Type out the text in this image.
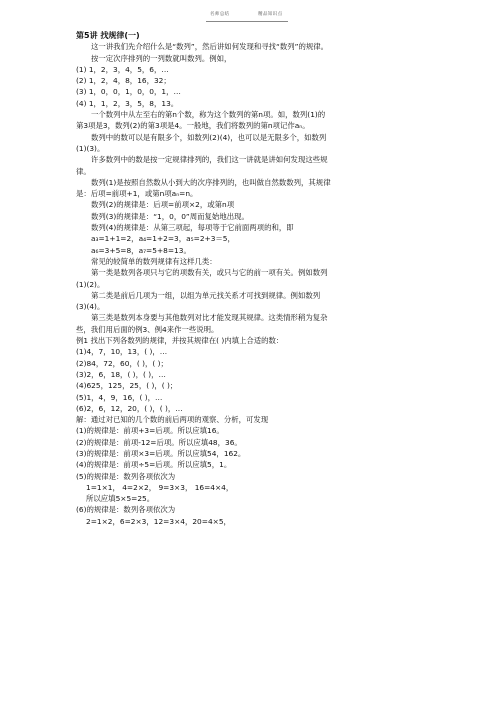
名师总结	精品知识点

第5讲 找规律(一)

这一讲我们先介绍什么是“数列”，然后讲如何发现和寻找“数列”的规律。

按一定次序排列的一列数就叫数列。例如，

(1) 1，2，3，4，5，6，…

(2) 1，2，4，8，16，32；

(3) 1，0，0，1，0，0，1，…

(4) 1，1，2，3，5，8，13。

一个数列中从左至右的第n个数，称为这个数列的第n项。如，数列(1)的

第3项是3，数列(2)的第3项是4。一般地，我们将数列的第n项记作aₙ。

数列中的数可以是有限多个，如数列(2)(4)，也可以是无限多个，如数列

(1)(3)。

许多数列中的数是按一定规律排列的，我们这一讲就是讲如何发现这些规

律。

数列(1)是按照自然数从小到大的次序排列的，也叫做自然数数列，其规律

是：后项=前项+1，或第n项aₙ=n。

数列(2)的规律是：后项=前项×2，或第n项

数列(3)的规律是：“1，0，0”周而复始地出现。

数列(4)的规律是：从第三项起，每项等于它前面两项的和，即

a₃=1+1=2，a₄=1+2=3，a₅=2+3＝5，

a₆=3+5=8，a₇=5+8=13。

常见的较简单的数列规律有这样几类：

第一类是数列各项只与它的项数有关，或只与它的前一项有关。例如数列

(1)(2)。

第二类是前后几项为一组，以组为单元找关系才可找到规律。例如数列

(3)(4)。

第三类是数列本身要与其他数列对比才能发现其规律。这类情形稍为复杂

些，我们用后面的例3、例4来作一些说明。

例1 找出下列各数列的规律，并按其规律在( )内填上合适的数：

(1)4，7，10，13，( )，…

(2)84，72，60，( )，( )；

(3)2，6，18，( )，( )，…

(4)625，125，25，( )，( )；

(5)1，4，9，16，( )，…

(6)2，6，12，20，( )，( )，…

解：通过对已知的几个数的前后两项的观察、分析，可发现

(1)的规律是：前项+3=后项。所以应填16。

(2)的规律是：前项-12=后项。所以应填48，36。

(3)的规律是：前项×3=后项。所以应填54，162。

(4)的规律是：前项÷5=后项。所以应填5，1。

(5)的规律是：数列各项依次为

1=1×1， 4=2×2， 9=3×3， 16=4×4，

所以应填5×5=25。

(6)的规律是：数列各项依次为

2=1×2，6=2×3，12=3×4，20=4×5，
